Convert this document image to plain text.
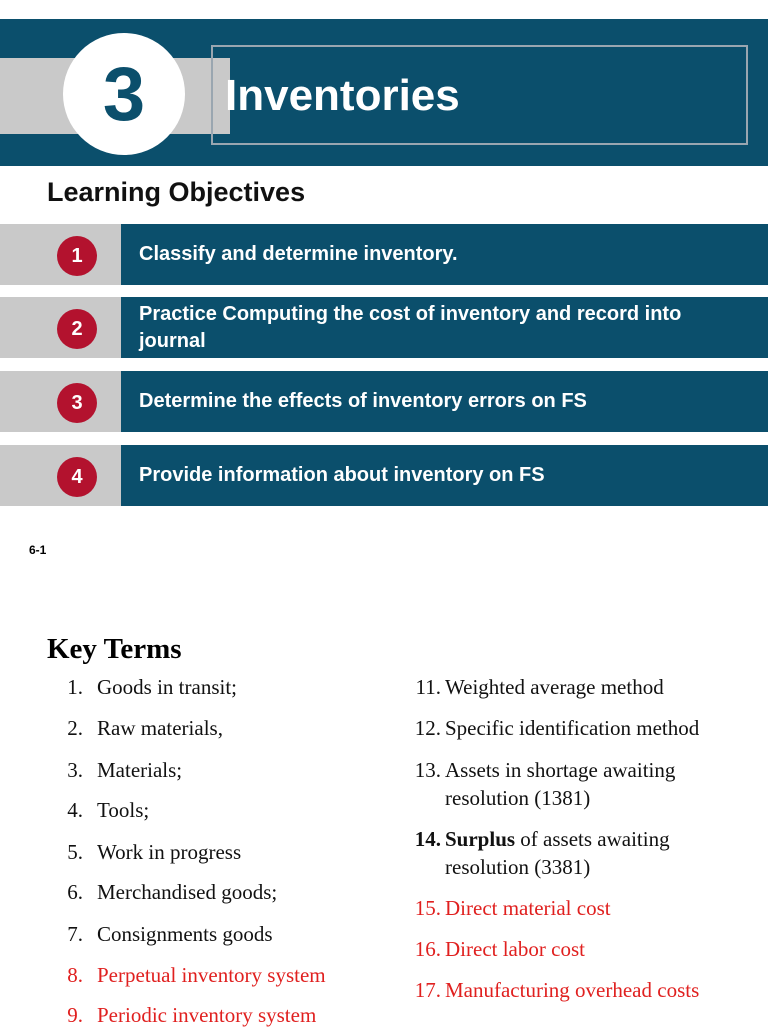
3	Inventories
Learning Objectives
1	Classify and determine inventory.
2
Practice Computing the cost of inventory and record into journal
3	Determine the effects of inventory errors on FS
4	Provide information about inventory on FS
6-1
Key Terms
1. Goods in transit;
2. Raw materials,
3. Materials;
4. Tools;
5. Work in progress
6. Merchandised goods;
7. Consignments goods
8. Perpetual inventory system
9. Periodic inventory system
11. Weighted average method
12. Specific identification method
13. Assets in shortage awaiting resolution (1381)
14. Surplus of assets awaiting resolution (3381)
15. Direct material cost
16. Direct labor cost
17. Manufacturing overhead costs
